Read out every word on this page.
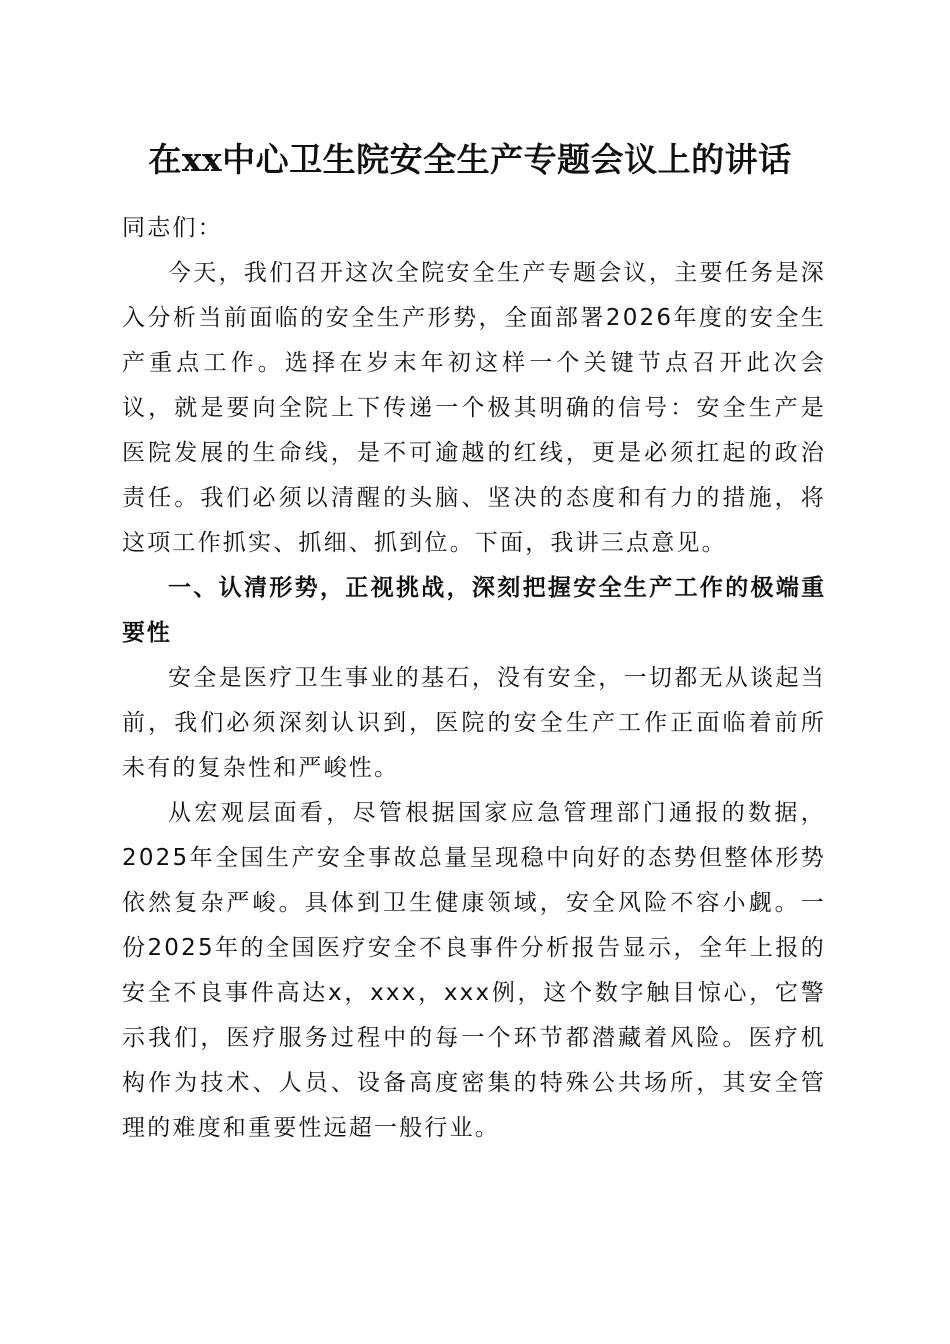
在xx中心卫生院安全生产专题会议上的讲话

同志们：

今天，我们召开这次全院安全生产专题会议，主要任务是深入分析当前面临的安全生产形势，全面部署2026年度的安全生产重点工作。选择在岁末年初这样一个关键节点召开此次会议，就是要向全院上下传递一个极其明确的信号：安全生产是医院发展的生命线，是不可逾越的红线，更是必须扛起的政治责任。我们必须以清醒的头脑、坚决的态度和有力的措施，将这项工作抓实、抓细、抓到位。下面，我讲三点意见。

一、认清形势，正视挑战，深刻把握安全生产工作的极端重要性

安全是医疗卫生事业的基石，没有安全，一切都无从谈起当前，我们必须深刻认识到，医院的安全生产工作正面临着前所未有的复杂性和严峻性。

从宏观层面看，尽管根据国家应急管理部门通报的数据，2025年全国生产安全事故总量呈现稳中向好的态势但整体形势依然复杂严峻。具体到卫生健康领域，安全风险不容小觑。一份2025年的全国医疗安全不良事件分析报告显示，全年上报的安全不良事件高达x，xxx，xxx例，这个数字触目惊心，它警示我们，医疗服务过程中的每一个环节都潜藏着风险。医疗机构作为技术、人员、设备高度密集的特殊公共场所，其安全管理的难度和重要性远超一般行业。
